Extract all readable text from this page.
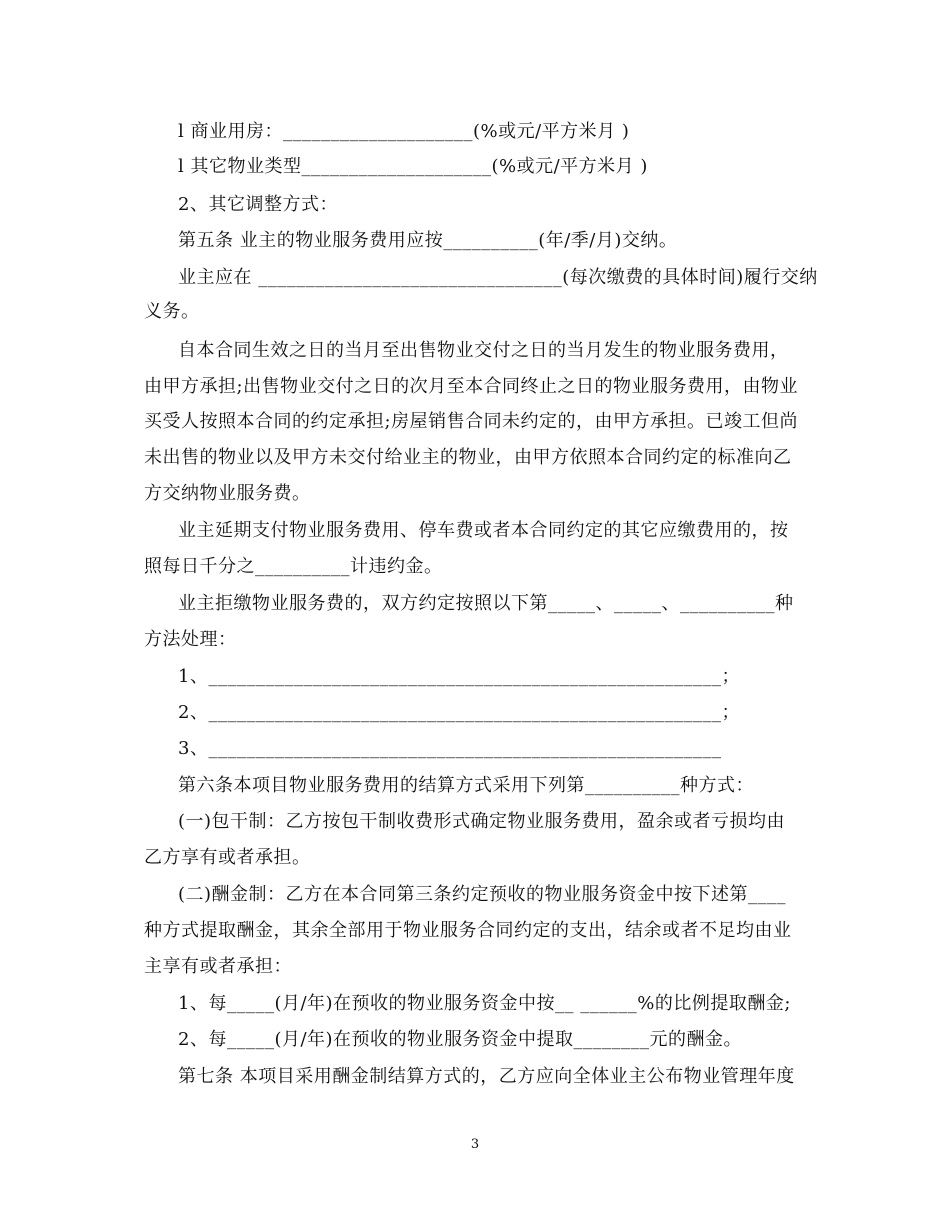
l 商业用房：____________________(%或元/平方米月 )
l 其它物业类型____________________(%或元/平方米月 )
2、其它调整方式：
第五条 业主的物业服务费用应按__________(年/季/月)交纳。
业主应在 ________________________________(每次缴费的具体时间)履行交纳
义务。
自本合同生效之日的当月至出售物业交付之日的当月发生的物业服务费用，
由甲方承担;出售物业交付之日的次月至本合同终止之日的物业服务费用，由物业
买受人按照本合同的约定承担;房屋销售合同未约定的，由甲方承担。已竣工但尚
未出售的物业以及甲方未交付给业主的物业，由甲方依照本合同约定的标准向乙
方交纳物业服务费。
业主延期支付物业服务费用、停车费或者本合同约定的其它应缴费用的，按
照每日千分之__________计违约金。
业主拒缴物业服务费的，双方约定按照以下第_____、_____、__________种
方法处理：
1、______________________________________________________；
2、______________________________________________________；
3、______________________________________________________
第六条本项目物业服务费用的结算方式采用下列第__________种方式：
(一)包干制：乙方按包干制收费形式确定物业服务费用，盈余或者亏损均由
乙方享有或者承担。
(二)酬金制：乙方在本合同第三条约定预收的物业服务资金中按下述第____
种方式提取酬金，其余全部用于物业服务合同约定的支出，结余或者不足均由业
主享有或者承担：
1、每_____(月/年)在预收的物业服务资金中按__ ______%的比例提取酬金;
2、每_____(月/年)在预收的物业服务资金中提取________元的酬金。
第七条 本项目采用酬金制结算方式的，乙方应向全体业主公布物业管理年度
3
